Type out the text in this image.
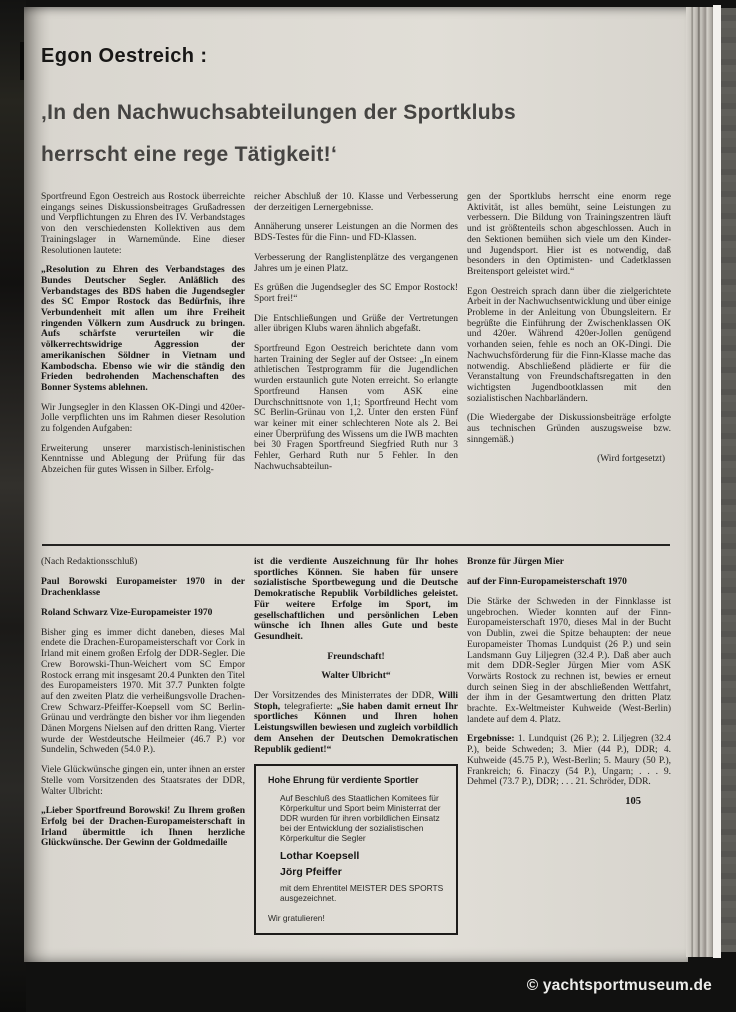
Egon Oestreich :
‚In den Nachwuchsabteilungen der Sportklubs
herrscht eine rege Tätigkeit!‘

Sportfreund Egon Oestreich aus Rostock überreichte eingangs seines Diskussionsbeitrages Grußadressen und Verpflichtungen zu Ehren des IV. Verbandstages von den verschiedensten Kollektiven aus dem Trainingslager in Warnemünde. Eine dieser Resolutionen lautete:

„Resolution zu Ehren des Verbandstages des Bundes Deutscher Segler. Anläßlich des Verbandstages des BDS haben die Jugendsegler des SC Empor Rostock das Bedürfnis, ihre Verbundenheit mit allen um ihre Freiheit ringenden Völkern zum Ausdruck zu bringen. Aufs schärfste verurteilen wir die völkerrechtswidrige Aggression der amerikanischen Söldner in Vietnam und Kambodscha. Ebenso wie wir die ständig den Frieden bedrohenden Machenschaften des Bonner Systems ablehnen.

Wir Jungsegler in den Klassen OK-Dingi und 420er-Jolle verpflichten uns im Rahmen dieser Resolution zu folgenden Aufgaben:

Erweiterung unserer marxistisch-leninistischen Kenntnisse und Ablegung der Prüfung für das Abzeichen für gutes Wissen in Silber. Erfolg-

reicher Abschluß der 10. Klasse und Verbesserung der derzeitigen Lernergebnisse.

Annäherung unserer Leistungen an die Normen des BDS-Testes für die Finn- und FD-Klassen.

Verbesserung der Ranglistenplätze des vergangenen Jahres um je einen Platz.

Es grüßen die Jugendsegler des SC Empor Rostock! Sport frei!“

Die Entschließungen und Grüße der Vertretungen aller übrigen Klubs waren ähnlich abgefaßt.

Sportfreund Egon Oestreich berichtete dann vom harten Training der Segler auf der Ostsee: „In einem athletischen Testprogramm für die Jugendlichen wurden erstaunlich gute Noten erreicht. So erlangte Sportfreund Hansen vom ASK eine Durchschnittsnote von 1,1; Sportfreund Hecht vom SC Berlin-Grünau von 1,2. Unter den ersten Fünf war keiner mit einer schlechteren Note als 2. Bei einer Überprüfung des Wissens um die IWB machten bei 30 Fragen Sportfreund Siegfried Ruth nur 3 Fehler, Gerhard Ruth nur 5 Fehler. In den Nachwuchsabteilun-

gen der Sportklubs herrscht eine enorm rege Aktivität, ist alles bemüht, seine Leistungen zu verbessern. Die Bildung von Trainingszentren läuft und ist größtenteils schon abgeschlossen. Auch in den Sektionen bemühen sich viele um den Kinder- und Jugendsport. Hier ist es notwendig, daß besonders in den Optimisten- und Cadetklassen Breitensport geleistet wird.“

Egon Oestreich sprach dann über die zielgerichtete Arbeit in der Nachwuchsentwicklung und über einige Probleme in der Anleitung von Übungsleitern. Er begrüßte die Einführung der Zwischenklassen OK und 420er. Während 420er-Jollen genügend vorhanden seien, fehle es noch an OK-Dingi. Die Nachwuchsförderung für die Finn-Klasse mache das notwendig. Abschließend plädierte er für die Veranstaltung von Freundschaftsregatten in den wichtigsten Jugendbootklassen mit den sozialistischen Nachbarländern.

(Die Wiedergabe der Diskussionsbeiträge erfolgte aus technischen Gründen auszugsweise bzw. sinngemäß.)

(Wird fortgesetzt)

(Nach Redaktionsschluß)

Paul Borowski Europameister 1970 in der Drachenklasse

Roland Schwarz Vize-Europameister 1970

Bisher ging es immer dicht daneben, dieses Mal endete die Drachen-Europameisterschaft vor Cork in Irland mit einem großen Erfolg der DDR-Segler. Die Crew Borowski-Thun-Weichert vom SC Empor Rostock errang mit insgesamt 20.4 Punkten den Titel des Europameisters 1970. Mit 37.7 Punkten folgte auf den zweiten Platz die verheißungsvolle Drachen-Crew Schwarz-Pfeiffer-Koepsell vom SC Berlin-Grünau und verdrängte den bisher vor ihm liegenden Dänen Morgens Nielsen auf den dritten Rang. Vierter wurde der Westdeutsche Heilmeier (46.7 P.) vor Sundelin, Schweden (54.0 P.).

Viele Glückwünsche gingen ein, unter ihnen an erster Stelle vom Vorsitzenden des Staatsrates der DDR, Walter Ulbricht:

„Lieber Sportfreund Borowski! Zu Ihrem großen Erfolg bei der Drachen-Europameisterschaft in Irland übermittle ich Ihnen herzliche Glückwünsche. Der Gewinn der Goldmedaille

ist die verdiente Auszeichnung für Ihr hohes sportliches Können. Sie haben für unsere sozialistische Sportbewegung und die Deutsche Demokratische Republik Vorbildliches geleistet. Für weitere Erfolge im Sport, im gesellschaftlichen und persönlichen Leben wünsche ich Ihnen alles Gute und beste Gesundheit.

Freundschaft!

Walter Ulbricht“

Der Vorsitzendes des Ministerrates der DDR, Willi Stoph, telegrafierte: „Sie haben damit erneut Ihr sportliches Können und Ihren hohen Leistungswillen bewiesen und zugleich vorbildlich dem Ansehen der Deutschen Demokratischen Republik gedient!“

Hohe Ehrung für verdiente Sportler

Auf Beschluß des Staatlichen Komitees für Körperkultur und Sport beim Ministerrat der DDR wurden für ihren vorbildlichen Einsatz bei der Entwicklung der sozialistischen Körperkultur die Segler

Lothar Koepsell

Jörg Pfeiffer

mit dem Ehrentitel MEISTER DES SPORTS ausgezeichnet.

Wir gratulieren!

Bronze für Jürgen Mier

auf der Finn-Europameisterschaft 1970

Die Stärke der Schweden in der Finnklasse ist ungebrochen. Wieder konnten auf der Finn-Europameisterschaft 1970, dieses Mal in der Bucht von Dublin, zwei die Spitze behaupten: der neue Europameister Thomas Lundquist (26 P.) und sein Landsmann Guy Liljegren (32.4 P.). Daß aber auch mit dem DDR-Segler Jürgen Mier vom ASK Vorwärts Rostock zu rechnen ist, bewies er erneut durch seinen Sieg in der abschließenden Wettfahrt, der ihm in der Gesamtwertung den dritten Platz brachte. Ex-Weltmeister Kuhweide (West-Berlin) landete auf dem 4. Platz.

Ergebnisse: 1. Lundquist (26 P.); 2. Liljegren (32.4 P.), beide Schweden; 3. Mier (44 P.), DDR; 4. Kuhweide (45.75 P.), West-Berlin; 5. Maury (50 P.), Frankreich; 6. Finaczy (54 P.), Ungarn; . . . 9. Dehmel (73.7 P.), DDR; . . . 21. Schröder, DDR.

105

© yachtsportmuseum.de
